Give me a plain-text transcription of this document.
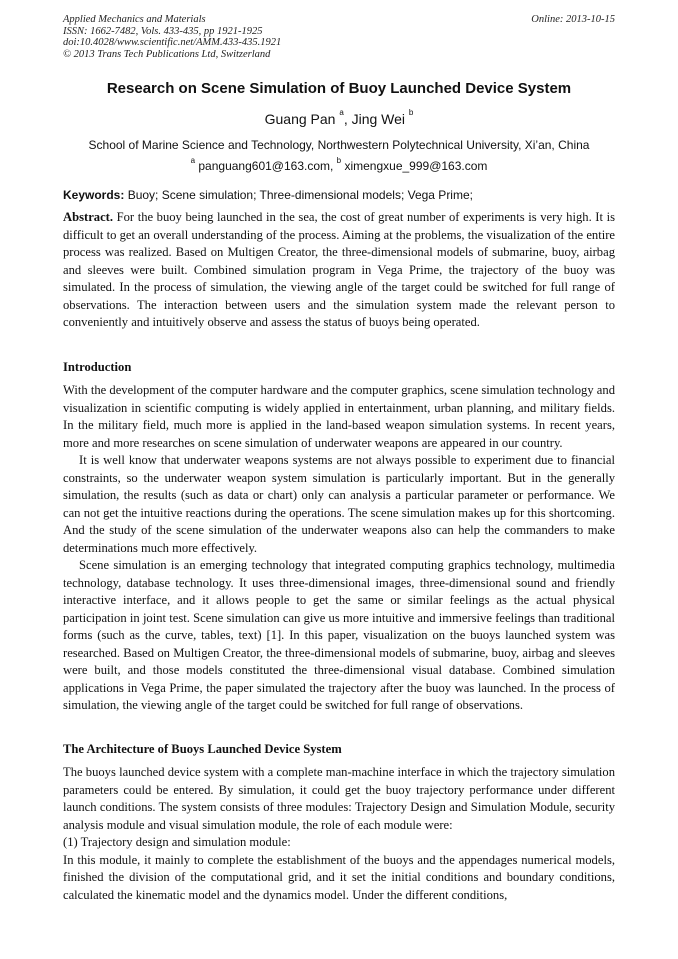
Applied Mechanics and Materials
ISSN: 1662-7482, Vols. 433-435, pp 1921-1925
doi:10.4028/www.scientific.net/AMM.433-435.1921
© 2013 Trans Tech Publications Ltd, Switzerland
Online: 2013-10-15
Research on Scene Simulation of Buoy Launched Device System
Guang Pan $^a$, Jing Wei $^b$
School of Marine Science and Technology, Northwestern Polytechnical University, Xi’an, China
$^a$ panguang601@163.com, $^b$ ximengxue_999@163.com
Keywords: Buoy; Scene simulation; Three-dimensional models; Vega Prime;

Abstract. For the buoy being launched in the sea, the cost of great number of experiments is very high. It is difficult to get an overall understanding of the process. Aiming at the problems, the visualization of the entire process was realized. Based on Multigen Creator, the three-dimensional models of submarine, buoy, airbag and sleeves were built. Combined simulation program in Vega Prime, the trajectory of the buoy was simulated. In the process of simulation, the viewing angle of the target could be switched for full range of observations. The interaction between users and the simulation system made the relevant person to conveniently and intuitively observe and assess the status of buoys being operated.

Introduction

With the development of the computer hardware and the computer graphics, scene simulation technology and visualization in scientific computing is widely applied in entertainment, urban planning, and military fields. In the military field, much more is applied in the land-based weapon simulation systems. In recent years, more and more researches on scene simulation of underwater weapons are appeared in our country.

It is well know that underwater weapons systems are not always possible to experiment due to financial constraints, so the underwater weapon system simulation is particularly important. But in the generally simulation, the results (such as data or chart) only can analysis a particular parameter or performance. We can not get the intuitive reactions during the operations. The scene simulation makes up for this shortcoming. And the study of the scene simulation of the underwater weapons also can help the commanders to make determinations much more effectively.

Scene simulation is an emerging technology that integrated computing graphics technology, multimedia technology, database technology. It uses three-dimensional images, three-dimensional sound and friendly interactive interface, and it allows people to get the same or similar feelings as the actual physical participation in joint test. Scene simulation can give us more intuitive and immersive feelings than traditional forms (such as the curve, tables, text) [1]. In this paper, visualization on the buoys launched system was researched. Based on Multigen Creator, the three-dimensional models of submarine, buoy, airbag and sleeves were built, and those models constituted the three-dimensional visual database. Combined simulation applications in Vega Prime, the paper simulated the trajectory after the buoy was launched. In the process of simulation, the viewing angle of the target could be switched for full range of observations.

The Architecture of Buoys Launched Device System

The buoys launched device system with a complete man-machine interface in which the trajectory simulation parameters could be entered. By simulation, it could get the buoy trajectory performance under different launch conditions. The system consists of three modules: Trajectory Design and Simulation Module, security analysis module and visual simulation module, the role of each module were:

(1) Trajectory design and simulation module:

In this module, it mainly to complete the establishment of the buoys and the appendages numerical models, finished the division of the computational grid, and it set the initial conditions and boundary conditions, calculated the kinematic model and the dynamics model. Under the different conditions,
